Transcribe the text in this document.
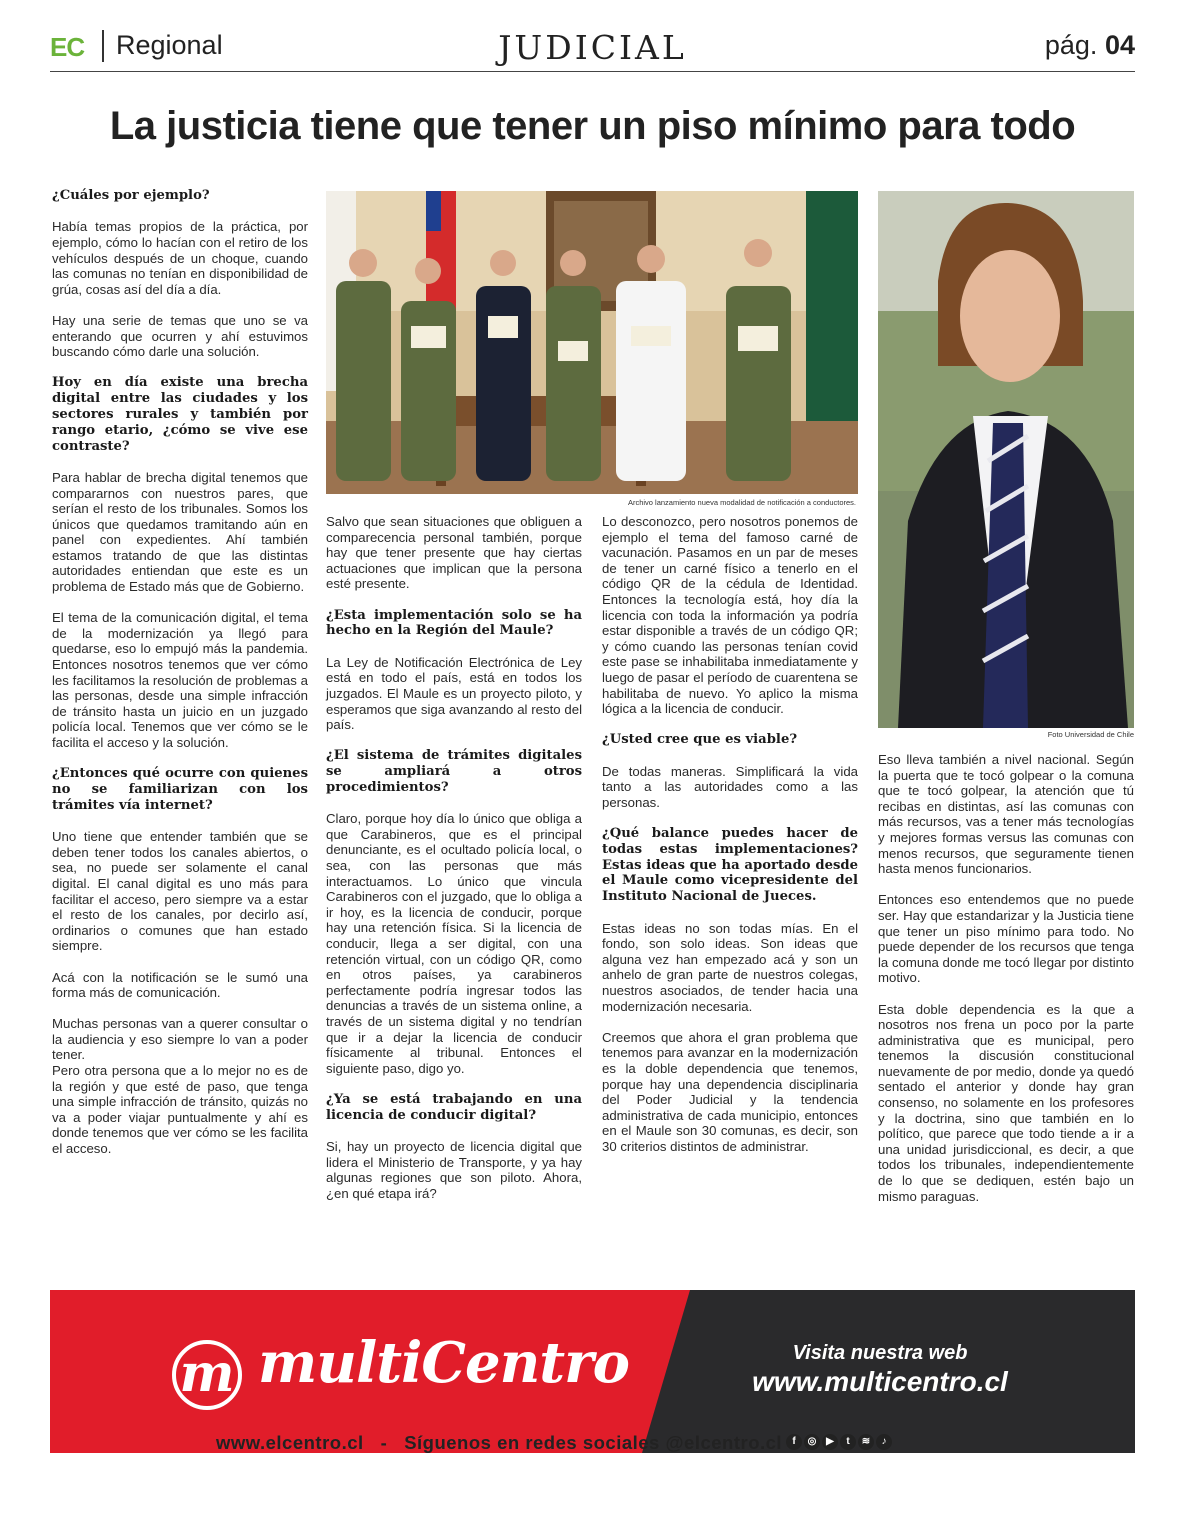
EC Regional	JUDICIAL	pág. 04
La justicia tiene que tener un piso mínimo para todo
¿Cuáles por ejemplo?

Había temas propios de la práctica, por ejemplo, cómo lo hacían con el retiro de los vehículos después de un choque, cuando las comunas no tenían en disponibilidad de grúa, cosas así del día a día.

Hay una serie de temas que uno se va enterando que ocurren y ahí estuvimos buscando cómo darle una solución.

Hoy en día existe una brecha digital entre las ciudades y los sectores rurales y también por rango etario, ¿cómo se vive ese contraste?

Para hablar de brecha digital tenemos que compararnos con nuestros pares, que serían el resto de los tribunales. Somos los únicos que quedamos tramitando aún en panel con expedientes. Ahí también estamos tratando de que las distintas autoridades entiendan que este es un problema de Estado más que de Gobierno.

El tema de la comunicación digital, el tema de la modernización ya llegó para quedarse, eso lo empujó más la pandemia. Entonces nosotros tenemos que ver cómo les facilitamos la resolución de problemas a las personas, desde una simple infracción de tránsito hasta un juicio en un juzgado policía local. Tenemos que ver cómo se le facilita el acceso y la solución.

¿Entonces qué ocurre con quienes no se familiarizan con los trámites vía internet?

Uno tiene que entender también que se deben tener todos los canales abiertos, o sea, no puede ser solamente el canal digital. El canal digital es uno más para facilitar el acceso, pero siempre va a estar el resto de los canales, por decirlo así, ordinarios o comunes que han estado siempre.

Acá con la notificación se le sumó una forma más de comunicación.

Muchas personas van a querer consultar o la audiencia y eso siempre lo van a poder tener.

Pero otra persona que a lo mejor no es de la región y que esté de paso, que tenga una simple infracción de tránsito, quizás no va a poder viajar puntualmente y ahí es donde tenemos que ver cómo se les facilita el acceso.

Archivo lanzamiento nueva modalidad de notificación a conductores.
Foto Universidad de Chile

Salvo que sean situaciones que obliguen a comparecencia personal también, porque hay que tener presente que hay ciertas actuaciones que implican que la persona esté presente.

¿Esta implementación solo se ha hecho en la Región del Maule?

La Ley de Notificación Electrónica de Ley está en todo el país, está en todos los juzgados. El Maule es un proyecto piloto, y esperamos que siga avanzando al resto del país.

¿El sistema de trámites digitales se ampliará a otros procedimientos?

Claro, porque hoy día lo único que obliga a que Carabineros, que es el principal denunciante, es el ocultado policía local, o sea, con las personas que más interactuamos. Lo único que vincula Carabineros con el juzgado, que lo obliga a ir hoy, es la licencia de conducir, porque hay una retención física. Si la licencia de conducir, llega a ser digital, con una retención virtual, con un código QR, como en otros países, ya carabineros perfectamente podría ingresar todos las denuncias a través de un sistema online, a través de un sistema digital y no tendrían que ir a dejar la licencia de conducir físicamente al tribunal. Entonces el siguiente paso, digo yo.

¿Ya se está trabajando en una licencia de conducir digital?

Si, hay un proyecto de licencia digital que lidera el Ministerio de Transporte, y ya hay algunas regiones que son piloto. Ahora, ¿en qué etapa irá?

Lo desconozco, pero nosotros ponemos de ejemplo el tema del famoso carné de vacunación. Pasamos en un par de meses de tener un carné físico a tenerlo en el código QR de la cédula de Identidad. Entonces la tecnología está, hoy día la licencia con toda la información ya podría estar disponible a través de un código QR; y cómo cuando las personas tenían covid este pase se inhabilitaba inmediatamente y luego de pasar el período de cuarentena se habilitaba de nuevo. Yo aplico la misma lógica a la licencia de conducir.

¿Usted cree que es viable?

De todas maneras. Simplificará la vida tanto a las autoridades como a las personas.

¿Qué balance puedes hacer de todas estas implementaciones? Estas ideas que ha aportado desde el Maule como vicepresidente del Instituto Nacional de Jueces.

Estas ideas no son todas mías. En el fondo, son solo ideas. Son ideas que alguna vez han empezado acá y son un anhelo de gran parte de nuestros colegas, nuestros asociados, de tender hacia una modernización necesaria.

Creemos que ahora el gran problema que tenemos para avanzar en la modernización es la doble dependencia que tenemos, porque hay una dependencia disciplinaria del Poder Judicial y la tendencia administrativa de cada municipio, entonces en el Maule son 30 comunas, es decir, son 30 criterios distintos de administrar.

Eso lleva también a nivel nacional. Según la puerta que te tocó golpear o la comuna que te tocó golpear, la atención que tú recibas en distintas, así las comunas con más recursos, vas a tener más tecnologías y mejores formas versus las comunas con menos recursos, que seguramente tienen hasta menos funcionarios.

Entonces eso entendemos que no puede ser. Hay que estandarizar y la Justicia tiene que tener un piso mínimo para todo. No puede depender de los recursos que tenga la comuna donde me tocó llegar por distinto motivo.

Esta doble dependencia es la que a nosotros nos frena un poco por la parte administrativa que es municipal, pero tenemos la discusión constitucional nuevamente de por medio, donde ya quedó sentado el anterior y donde hay gran consenso, no solamente en los profesores y la doctrina, sino que también en lo político, que parece que todo tiende a ir a una unidad jurisdiccional, es decir, a que todos los tribunales, independientemente de lo que se dediquen, estén bajo un mismo paraguas.

m multiCentro	Visita nuestra web
www.multicentro.cl
www.elcentro.cl - Síguenos en redes sociales @elcentro.cl	f	◎ ▶	t	≋	♪
